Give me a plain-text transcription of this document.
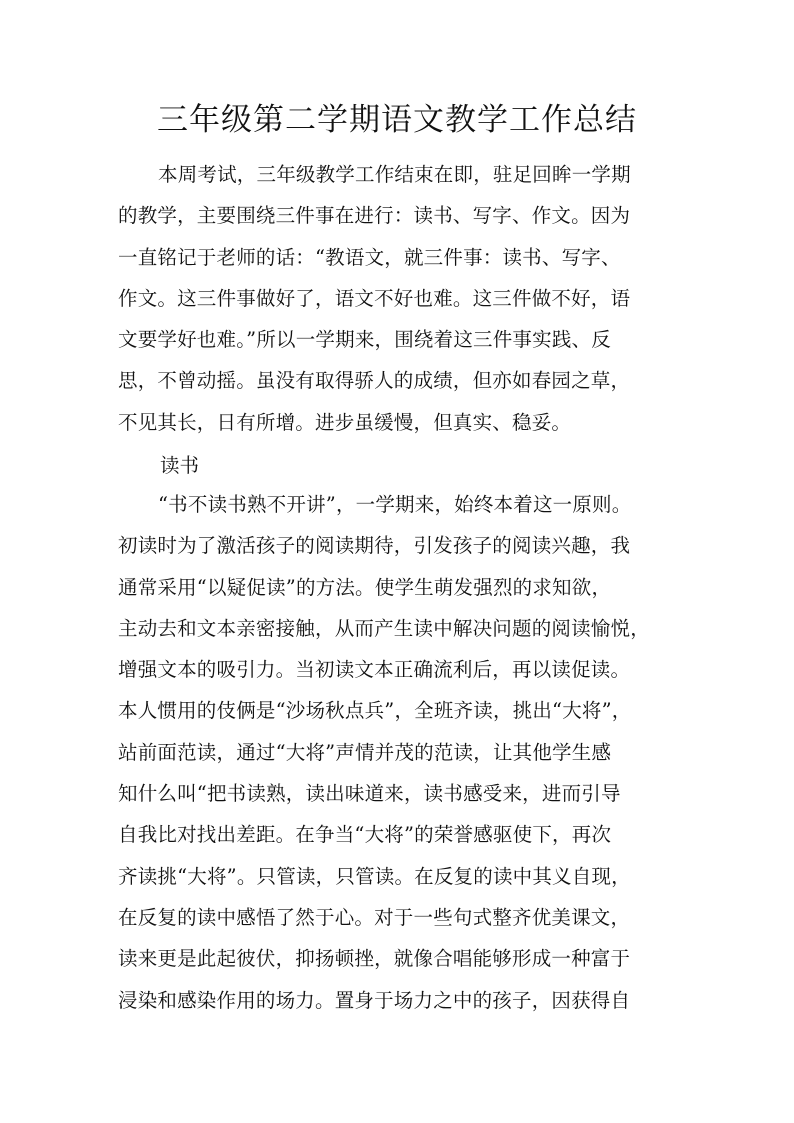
三年级第二学期语文教学工作总结
本周考试，三年级教学工作结束在即，驻足回眸一学期
的教学，主要围绕三件事在进行：读书、写字、作文。因为
一直铭记于老师的话：“教语文，就三件事：读书、写字、
作文。这三件事做好了，语文不好也难。这三件做不好，语
文要学好也难。”所以一学期来，围绕着这三件事实践、反
思，不曾动摇。虽没有取得骄人的成绩，但亦如春园之草，
不见其长，日有所增。进步虽缓慢，但真实、稳妥。
读书
“书不读书熟不开讲”，一学期来，始终本着这一原则。
初读时为了激活孩子的阅读期待，引发孩子的阅读兴趣，我
通常采用“以疑促读”的方法。使学生萌发强烈的求知欲，
主动去和文本亲密接触，从而产生读中解决问题的阅读愉悦，
增强文本的吸引力。当初读文本正确流利后，再以读促读。
本人惯用的伎俩是“沙场秋点兵”，全班齐读，挑出“大将”，
站前面范读，通过“大将”声情并茂的范读，让其他学生感
知什么叫“把书读熟，读出味道来，读书感受来，进而引导
自我比对找出差距。在争当“大将”的荣誉感驱使下，再次
齐读挑“大将”。只管读，只管读。在反复的读中其义自现，
在反复的读中感悟了然于心。对于一些句式整齐优美课文，
读来更是此起彼伏，抑扬顿挫，就像合唱能够形成一种富于
浸染和感染作用的场力。置身于场力之中的孩子，因获得自
